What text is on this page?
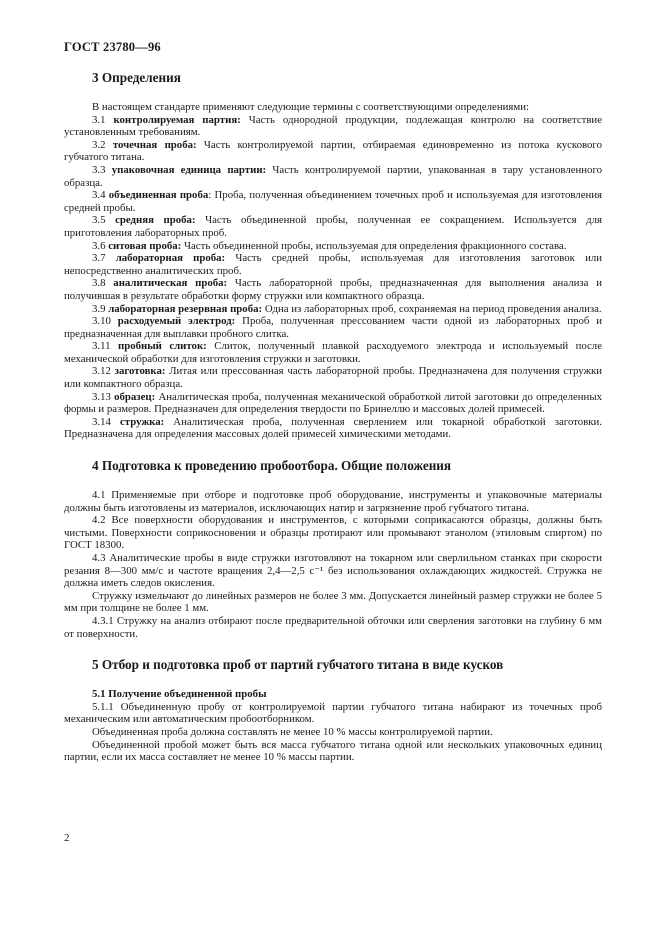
ГОСТ 23780—96
3 Определения

В настоящем стандарте применяют следующие термины с соответствующими определениями:

3.1 контролируемая партия: Часть однородной продукции, подлежащая контролю на соответствие установленным требованиям.

3.2 точечная проба: Часть контролируемой партии, отбираемая единовременно из потока кускового губчатого титана.

3.3 упаковочная единица партии: Часть контролируемой партии, упакованная в тару установленного образца.

3.4 объединенная проба: Проба, полученная объединением точечных проб и используемая для изготовления средней пробы.

3.5 средняя проба: Часть объединенной пробы, полученная ее сокращением. Используется для приготовления лабораторных проб.

3.6 ситовая проба: Часть объединенной пробы, используемая для определения фракционного состава.

3.7 лабораторная проба: Часть средней пробы, используемая для изготовления заготовок или непосредственно аналитических проб.

3.8 аналитическая проба: Часть лабораторной пробы, предназначенная для выполнения анализа и получившая в результате обработки форму стружки или компактного образца.

3.9 лабораторная резервная проба: Одна из лабораторных проб, сохраняемая на период проведения анализа.

3.10 расходуемый электрод: Проба, полученная прессованием части одной из лабораторных проб и предназначенная для выплавки пробного слитка.

3.11 пробный слиток: Слиток, полученный плавкой расходуемого электрода и используемый после механической обработки для изготовления стружки и заготовки.

3.12 заготовка: Литая или прессованная часть лабораторной пробы. Предназначена для получения стружки или компактного образца.

3.13 образец: Аналитическая проба, полученная механической обработкой литой заготовки до определенных формы и размеров. Предназначен для определения твердости по Бринеллю и массовых долей примесей.

3.14 стружка: Аналитическая проба, полученная сверлением или токарной обработкой заготовки. Предназначена для определения массовых долей примесей химическими методами.

4 Подготовка к проведению пробоотбора. Общие положения

4.1 Применяемые при отборе и подготовке проб оборудование, инструменты и упаковочные материалы должны быть изготовлены из материалов, исключающих натир и загрязнение проб губчатого титана.

4.2 Все поверхности оборудования и инструментов, с которыми соприкасаются образцы, должны быть чистыми. Поверхности соприкосновения и образцы протирают или промывают этанолом (этиловым спиртом) по ГОСТ 18300.

4.3 Аналитические пробы в виде стружки изготовляют на токарном или сверлильном станках при скорости резания 8—300 мм/с и частоте вращения 2,4—2,5 с⁻¹ без использования охлаждающих жидкостей. Стружка не должна иметь следов окисления.

Стружку измельчают до линейных размеров не более 3 мм. Допускается линейный размер стружки не более 5 мм при толщине не более 1 мм.

4.3.1 Стружку на анализ отбирают после предварительной обточки или сверления заготовки на глубину 6 мм от поверхности.

5 Отбор и подготовка проб от партий губчатого титана в виде кусков
5.1 Получение объединенной пробы

5.1.1 Объединенную пробу от контролируемой партии губчатого титана набирают из точечных проб механическим или автоматическим пробоотборником.

Объединенная проба должна составлять не менее 10 % массы контролируемой партии.

Объединенной пробой может быть вся масса губчатого титана одной или нескольких упаковочных единиц партии, если их масса составляет не менее 10 % массы партии.

2
